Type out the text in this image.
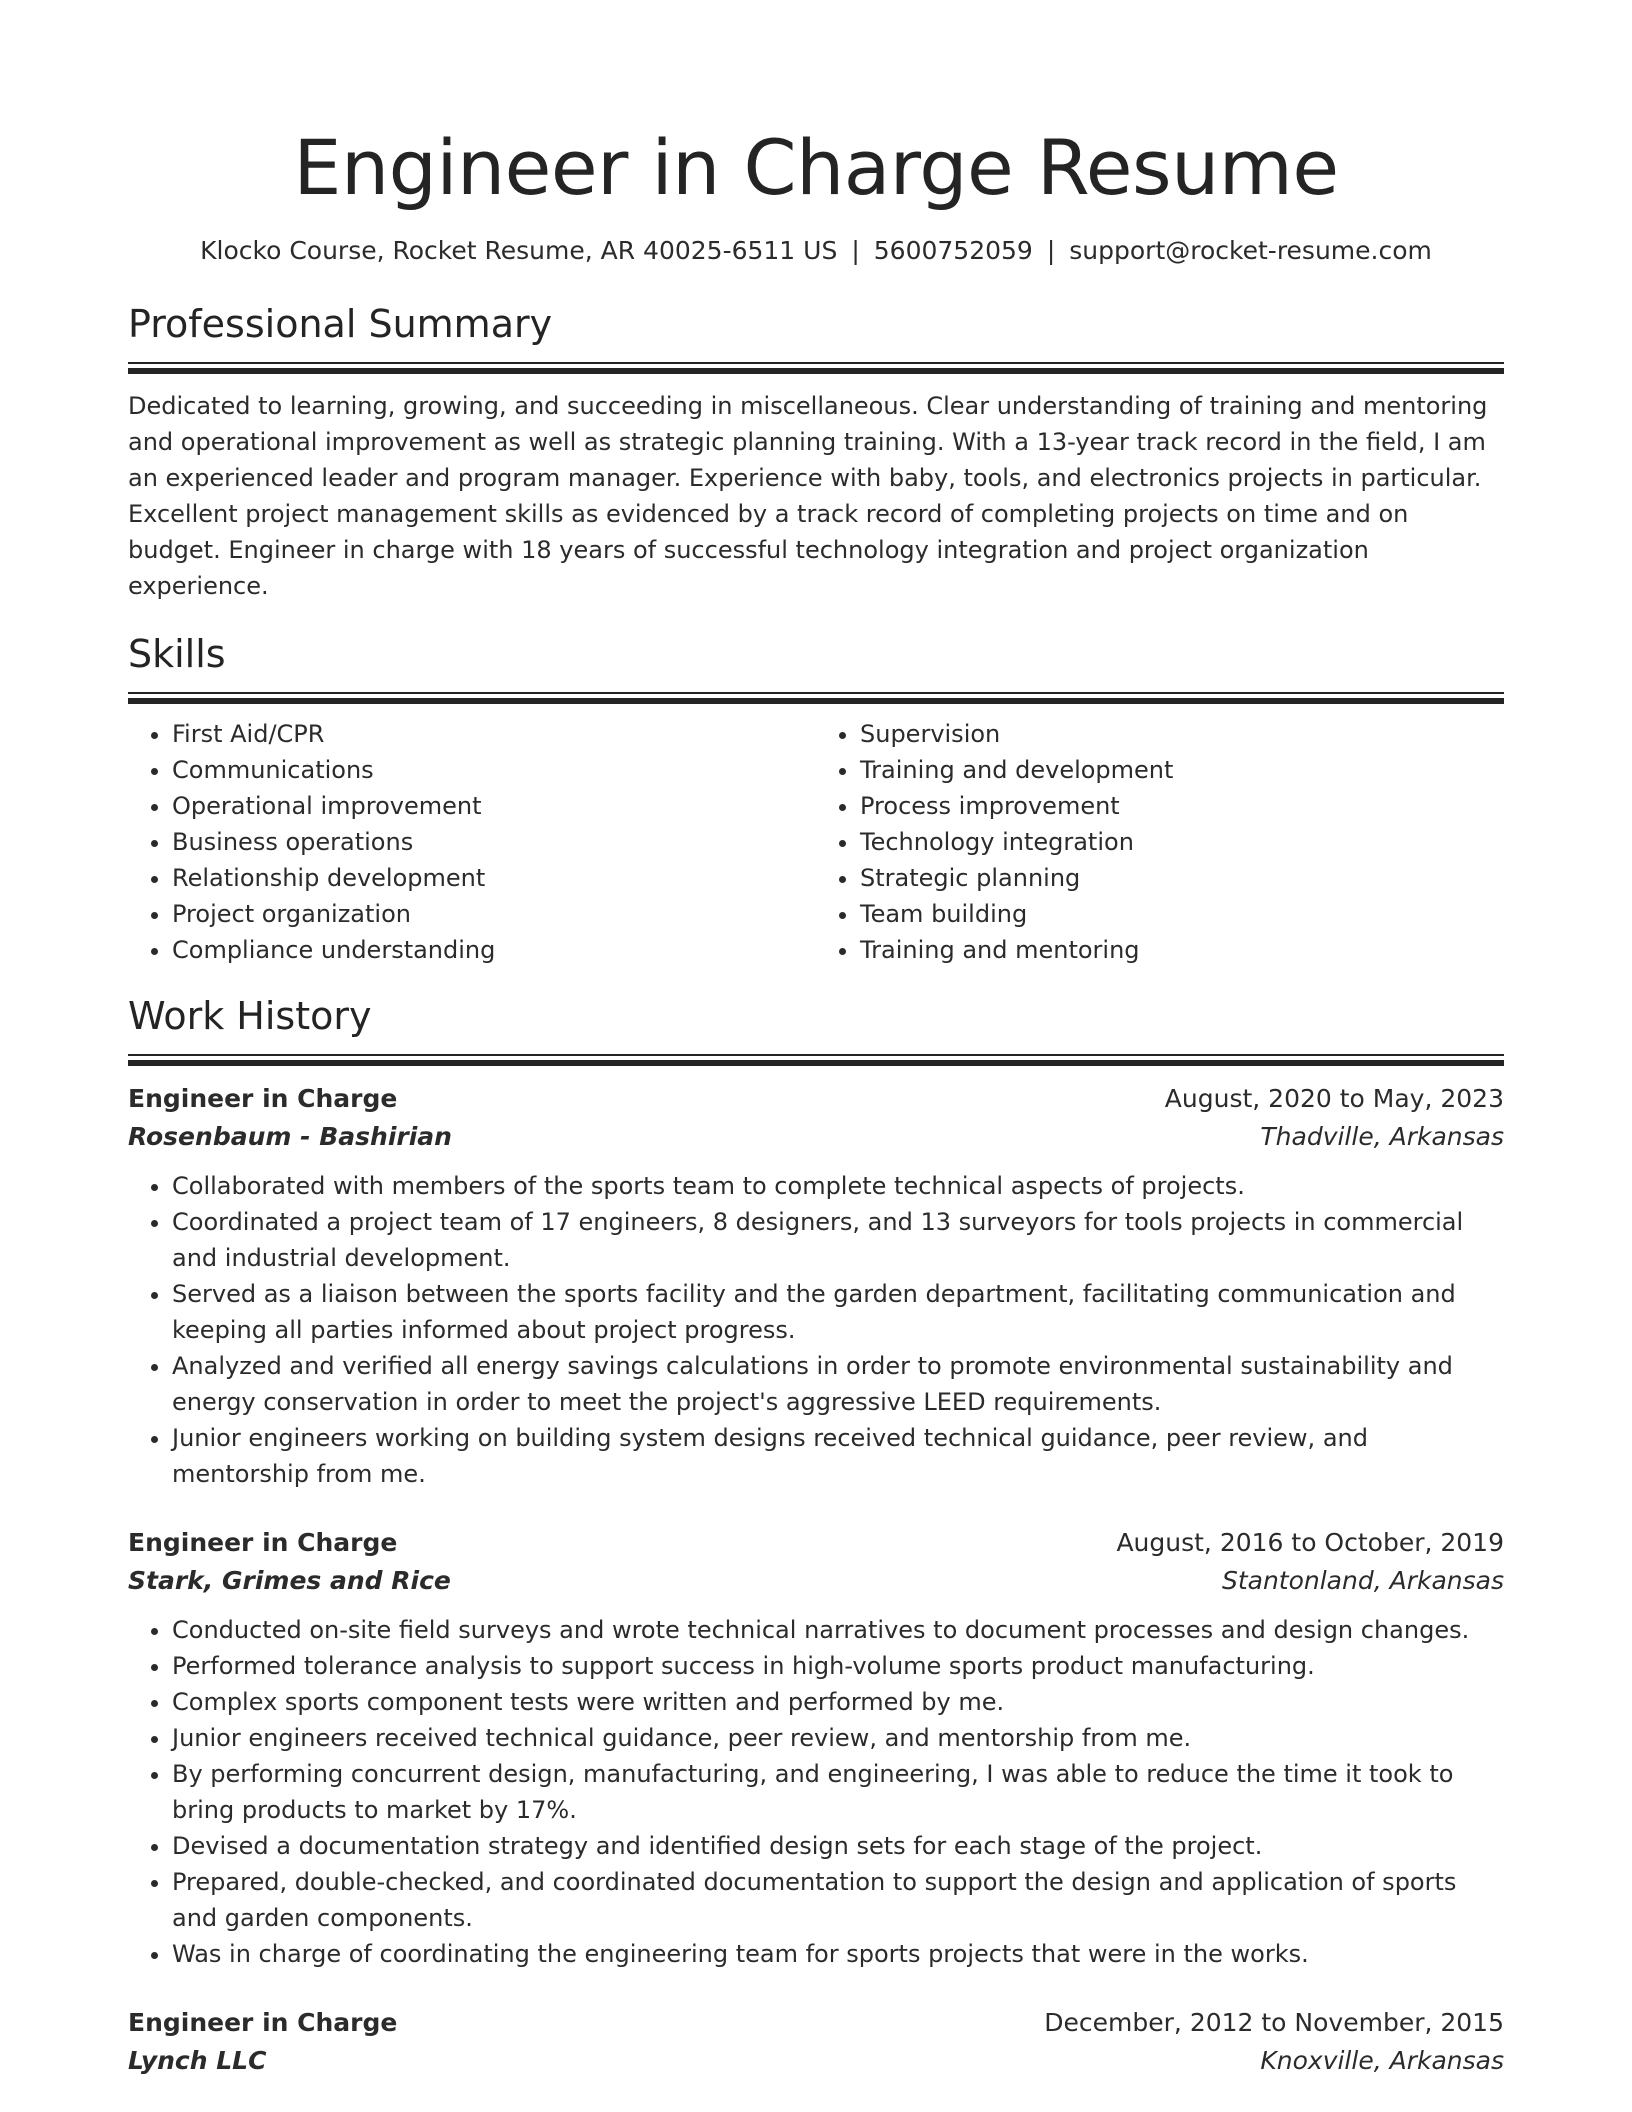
Engineer in Charge Resume
Klocko Course, Rocket Resume, AR 40025-6511 US | 5600752059 | support@rocket-resume.com
Professional Summary

Dedicated to learning, growing, and succeeding in miscellaneous. Clear understanding of training and mentoring and operational improvement as well as strategic planning training. With a 13-year track record in the field, I am an experienced leader and program manager. Experience with baby, tools, and electronics projects in particular. Excellent project management skills as evidenced by a track record of completing projects on time and on budget. Engineer in charge with 18 years of successful technology integration and project organization experience.

Skills
• First Aid/CPR
• Communications
• Operational improvement
• Business operations
• Relationship development
• Project organization
• Compliance understanding
• Supervision
• Training and development
• Process improvement
• Technology integration
• Strategic planning
• Team building
• Training and mentoring
Work History
Engineer in Charge	August, 2020 to May, 2023
Rosenbaum - Bashirian	Thadville, Arkansas
• Collaborated with members of the sports team to complete technical aspects of projects.
• Coordinated a project team of 17 engineers, 8 designers, and 13 surveyors for tools projects in commercial and industrial development.
• Served as a liaison between the sports facility and the garden department, facilitating communication and keeping all parties informed about project progress.
• Analyzed and verified all energy savings calculations in order to promote environmental sustainability and energy conservation in order to meet the project's aggressive LEED requirements.
• Junior engineers working on building system designs received technical guidance, peer review, and mentorship from me.
Engineer in Charge	August, 2016 to October, 2019
Stark, Grimes and Rice	Stantonland, Arkansas
• Conducted on-site field surveys and wrote technical narratives to document processes and design changes.
• Performed tolerance analysis to support success in high-volume sports product manufacturing.
• Complex sports component tests were written and performed by me.
• Junior engineers received technical guidance, peer review, and mentorship from me.
• By performing concurrent design, manufacturing, and engineering, I was able to reduce the time it took to bring products to market by 17%.
• Devised a documentation strategy and identified design sets for each stage of the project.
• Prepared, double-checked, and coordinated documentation to support the design and application of sports and garden components.
• Was in charge of coordinating the engineering team for sports projects that were in the works.
Engineer in Charge	December, 2012 to November, 2015
Lynch LLC	Knoxville, Arkansas
